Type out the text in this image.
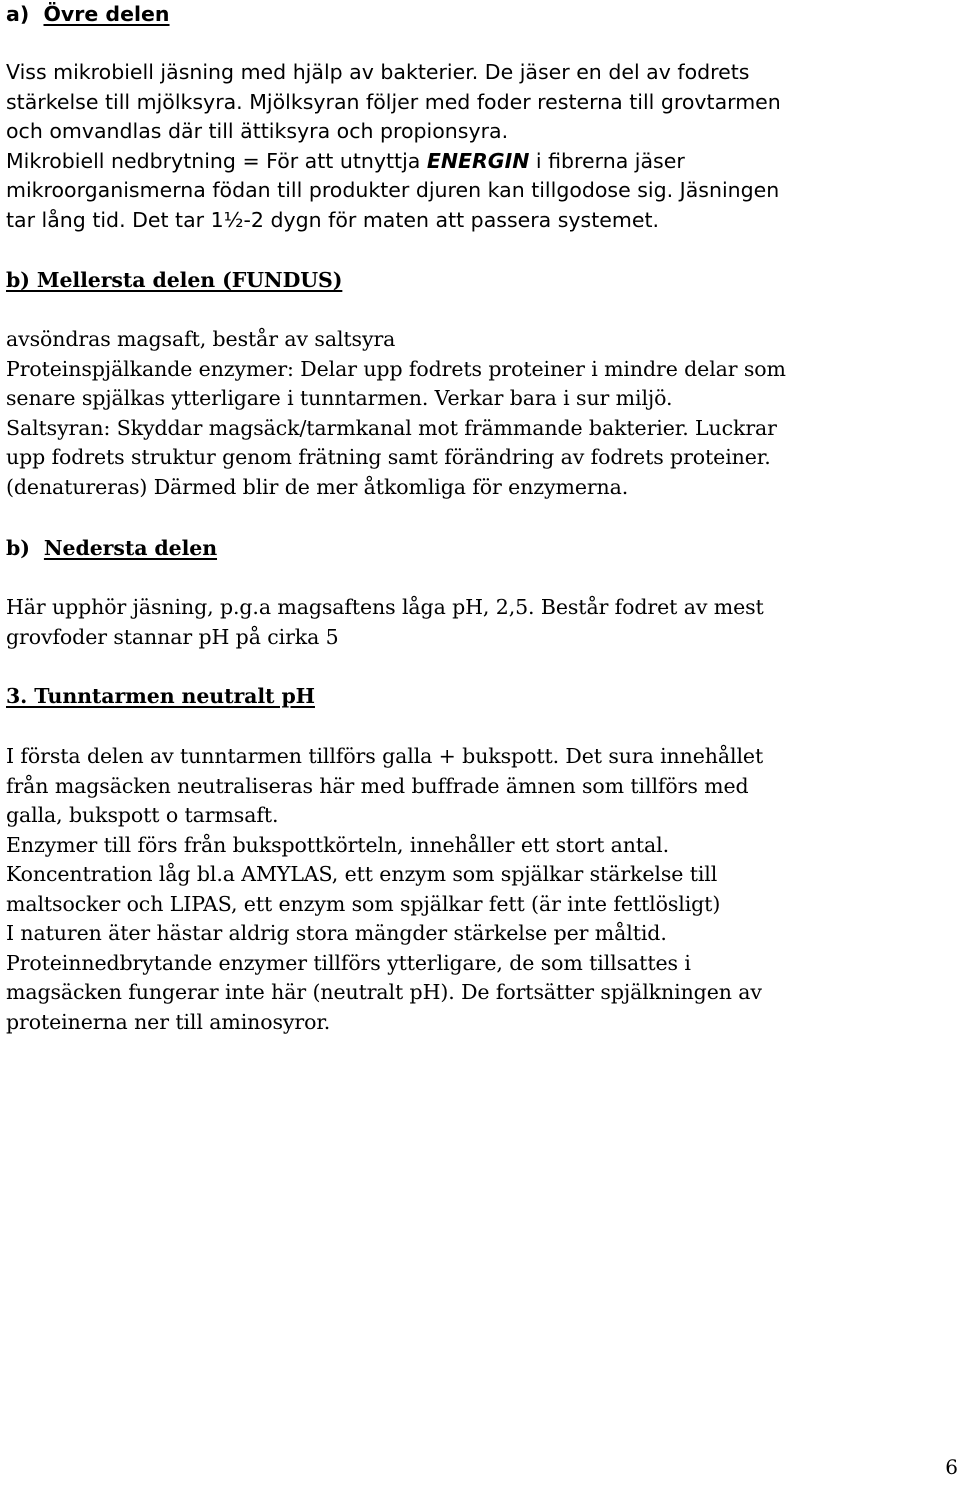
a) Övre delen

Viss mikrobiell jäsning med hjälp av bakterier. De jäser en del av fodrets
stärkelse till mjölksyra. Mjölksyran följer med foder resterna till grovtarmen
och omvandlas där till ättiksyra och propionsyra.
Mikrobiell nedbrytning = För att utnyttja ENERGIN i fibrerna jäser
mikroorganismerna födan till produkter djuren kan tillgodose sig. Jäsningen
tar lång tid. Det tar 1½-2 dygn för maten att passera systemet.

b) Mellersta delen (FUNDUS)

avsöndras magsaft, består av saltsyra
Proteinspjälkande enzymer: Delar upp fodrets proteiner i mindre delar som
senare spjälkas ytterligare i tunntarmen. Verkar bara i sur miljö.
Saltsyran: Skyddar magsäck/tarmkanal mot främmande bakterier. Luckrar
upp fodrets struktur genom frätning samt förändring av fodrets proteiner.
(denatureras) Därmed blir de mer åtkomliga för enzymerna.

b) Nedersta delen

Här upphör jäsning, p.g.a magsaftens låga pH, 2,5. Består fodret av mest
grovfoder stannar pH på cirka 5

3. Tunntarmen neutralt pH

I första delen av tunntarmen tillförs galla + bukspott. Det sura innehållet
från magsäcken neutraliseras här med buffrade ämnen som tillförs med
galla, bukspott o tarmsaft.
Enzymer till förs från bukspottkörteln, innehåller ett stort antal.
Koncentration låg bl.a AMYLAS, ett enzym som spjälkar stärkelse till
maltsocker och LIPAS, ett enzym som spjälkar fett (är inte fettlösligt)
I naturen äter hästar aldrig stora mängder stärkelse per måltid.
Proteinnedbrytande enzymer tillförs ytterligare, de som tillsattes i
magsäcken fungerar inte här (neutralt pH). De fortsätter spjälkningen av
proteinerna ner till aminosyror.
6
